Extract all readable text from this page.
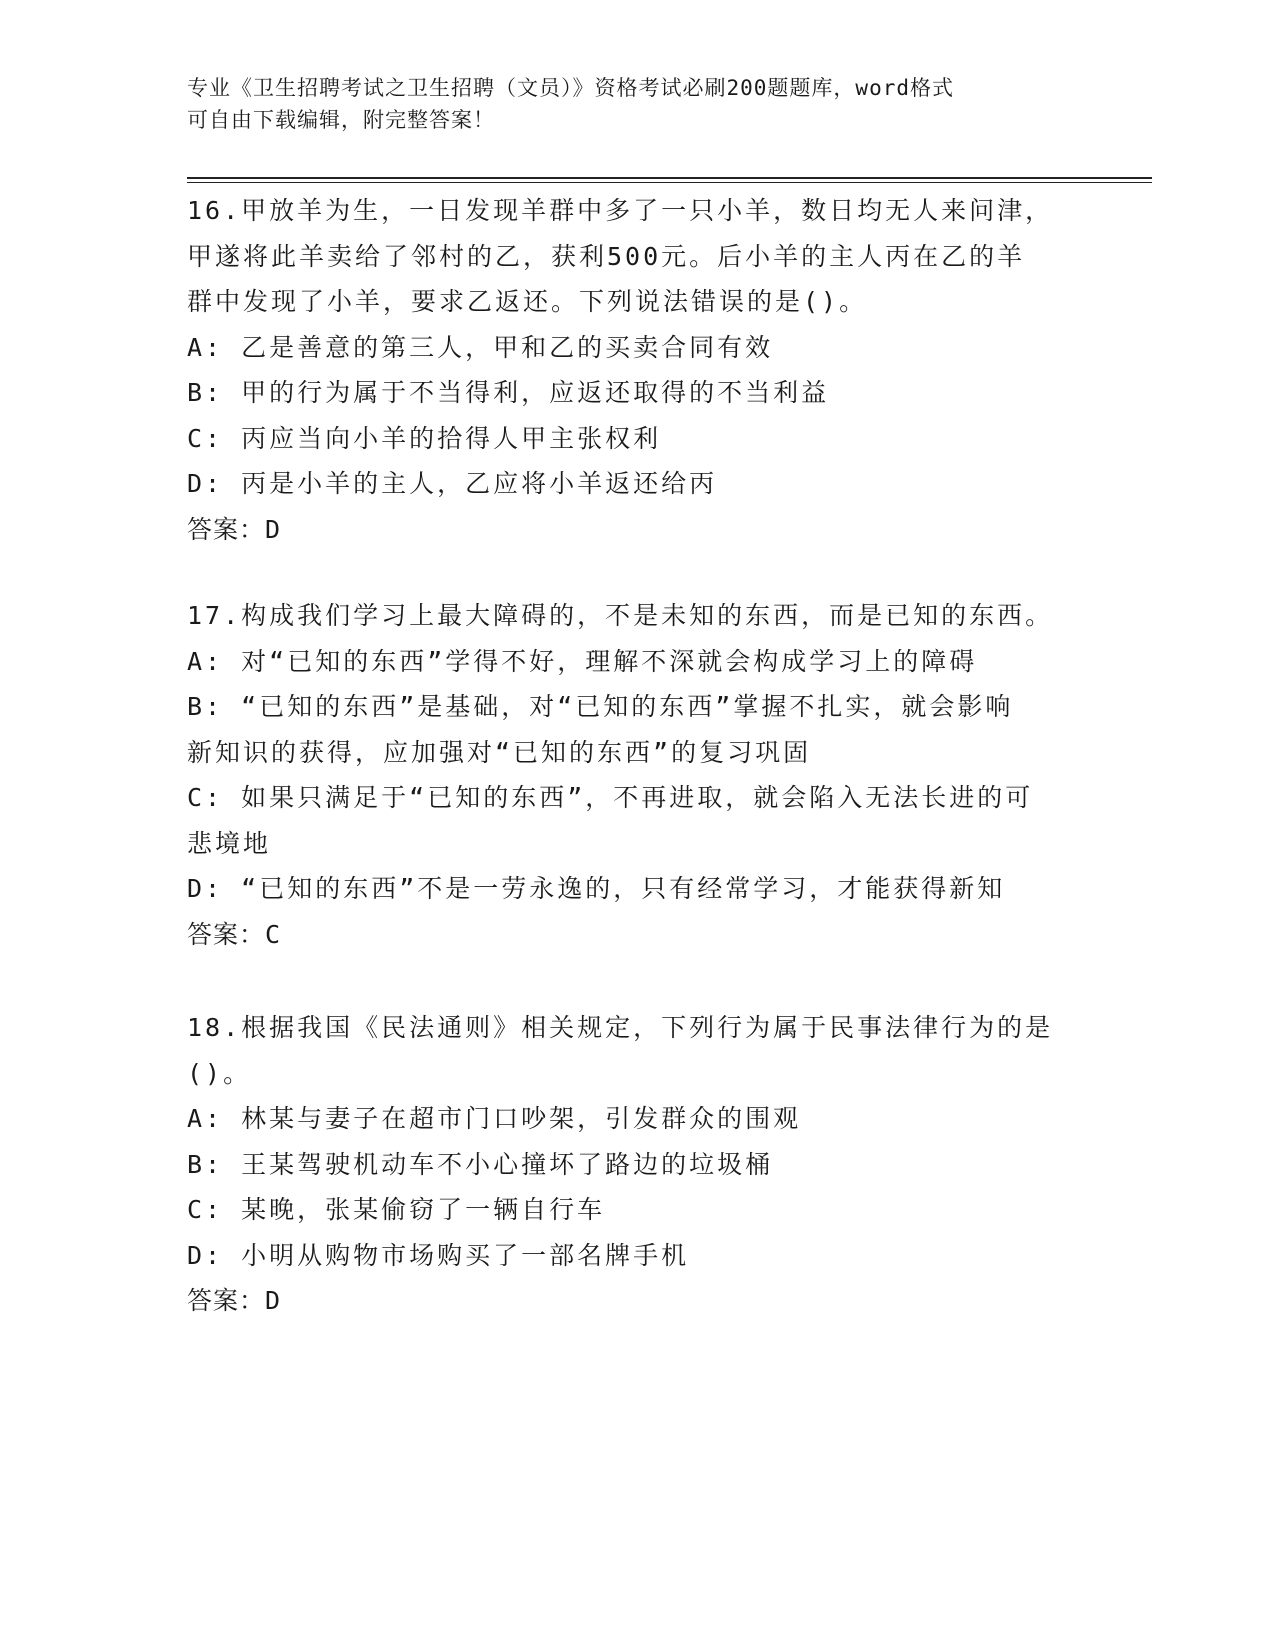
专业《卫生招聘考试之卫生招聘（文员）》资格考试必刷200题题库，word格式
可自由下载编辑，附完整答案！
16.甲放羊为生，一日发现羊群中多了一只小羊，数日均无人来问津，
甲遂将此羊卖给了邻村的乙，获利500元。后小羊的主人丙在乙的羊
群中发现了小羊，要求乙返还。下列说法错误的是()。
A: 乙是善意的第三人，甲和乙的买卖合同有效
B: 甲的行为属于不当得利，应返还取得的不当利益
C: 丙应当向小羊的拾得人甲主张权利
D: 丙是小羊的主人，乙应将小羊返还给丙
答案：D
17.构成我们学习上最大障碍的，不是未知的东西，而是已知的东西。
A: 对“已知的东西”学得不好，理解不深就会构成学习上的障碍
B: “已知的东西”是基础，对“已知的东西”掌握不扎实，就会影响
新知识的获得，应加强对“已知的东西”的复习巩固
C: 如果只满足于“已知的东西”，不再进取，就会陷入无法长进的可
悲境地
D: “已知的东西”不是一劳永逸的，只有经常学习，才能获得新知
答案：C
18.根据我国《民法通则》相关规定，下列行为属于民事法律行为的是
()。
A: 林某与妻子在超市门口吵架，引发群众的围观
B: 王某驾驶机动车不小心撞坏了路边的垃圾桶
C: 某晚，张某偷窃了一辆自行车
D: 小明从购物市场购买了一部名牌手机
答案：D
